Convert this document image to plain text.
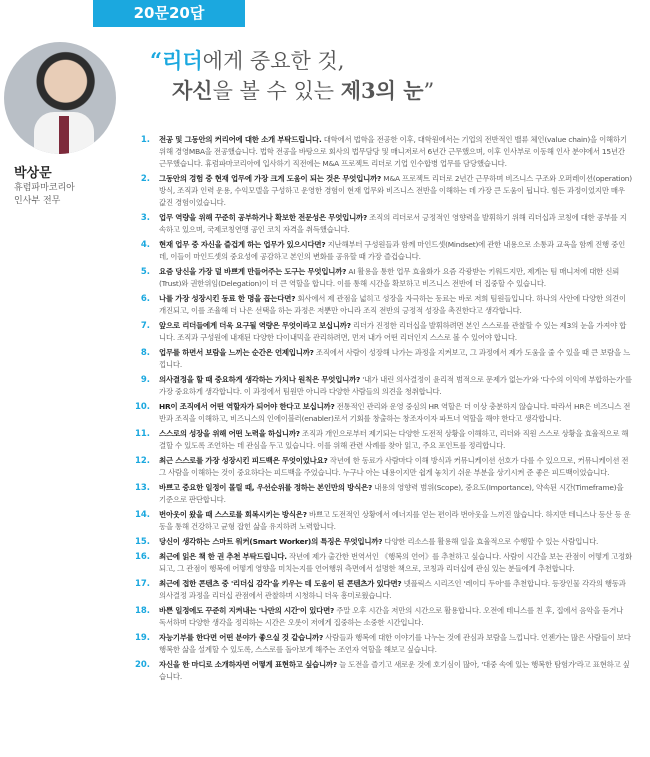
20문20답
박상문
휴럼파마코리아
인사부 전무
“리더에게 중요한 것,
자신을 볼 수 있는 제3의 눈”
1.	전공 및 그동안의 커리어에 대한 소개 부탁드립니다. 대학에서 법학을 전공한 이후, 대학원에서는 기업의 전반적인 밸류 체인(value chain)을 이해하기 위해 경영MBA을 전공했습니다. 법학 전공을 바탕으로 회사의 법무담당 및 매니저로서 6년간 근무했으며, 이후 인사부로 이동해 인사 분야에서 15년간 근무했습니다. 휴럼파마코리아에 입사하기 직전에는 M&A 프로젝트 리더로 기업 인수합병 업무를 담당했습니다.
2.	그동안의 경험 중 현재 업무에 가장 크게 도움이 되는 것은 무엇입니까? M&A 프로젝트 리더로 2년간 근무하며 비즈니스 구조와 오퍼레이션(operation) 방식, 조직과 인력 운용, 수익모델을 구성하고 운영한 경험이 현재 업무와 비즈니스 전반을 이해하는 데 가장 큰 도움이 됩니다. 힘든 과정이었지만 매우 값진 경험이었습니다.
3.	업무 역량을 위해 꾸준히 공부하거나 확보한 전문성은 무엇입니까? 조직의 리더로서 긍정적인 영향력을 발휘하기 위해 리더십과 코칭에 대한 공부를 지속하고 있으며, 국제코칭연맹 공인 코치 자격을 취득했습니다.
4.	현재 업무 중 자신을 즐겁게 하는 업무가 있으시다면? 지난해부터 구성원들과 함께 마인드셋(Mindset)에 관한 내용으로 소통과 교육을 함께 진행 중인데, 이들이 마인드셋의 중요성에 공감하고 본인의 변화를 공유할 때 가장 즐겁습니다.
5.	요즘 당신을 가장 덜 바쁘게 만들어주는 도구는 무엇입니까? AI 활용을 통한 업무 효율화가 요즘 각광받는 키워드지만, 제게는 팀 매니저에 대한 신뢰(Trust)와 권한위임(Delegation)이 더 큰 역할을 합니다. 이를 통해 시간을 확보하고 비즈니스 전반에 더 집중할 수 있습니다.
6.	나를 가장 성장시킨 동료 한 명을 꼽는다면? 회사에서 제 관점을 넓히고 성장을 자극하는 동료는 바로 저희 팀원들입니다. 하나의 사안에 다양한 의견이 개진되고, 이를 조율해 더 나은 선택을 하는 과정은 저뿐만 아니라 조직 전반의 긍정적 성장을 촉진한다고 생각합니다.
7.	앞으로 리더들에게 더욱 요구될 역량은 무엇이라고 보십니까? 리더가 진정한 리더십을 발휘하려면 본인 스스로를 관찰할 수 있는 제3의 눈을 가져야 합니다. 조직과 구성원에 내재된 다양한 다이내믹을 관리하려면, 먼저 내가 어떤 리더인지 스스로 볼 수 있어야 합니다.
8.	업무를 하면서 보람을 느끼는 순간은 언제입니까? 조직에서 사람이 성장해 나가는 과정을 지켜보고, 그 과정에서 제가 도움을 줄 수 있을 때 큰 보람을 느낍니다.
9.	의사결정을 할 때 중요하게 생각하는 가치나 원칙은 무엇입니까? '내가 내린 의사결정이 윤리적 범적으로 문제가 없는가'와 '다수의 이익에 부합하는가'를 가장 중요하게 생각합니다. 이 과정에서 팀원만 아니라 다양한 사람들의 의견을 청취합니다.
10.	HR이 조직에서 어떤 역할자가 되어야 한다고 보십니까? 전통적인 관리와 운영 중심의 HR 역할은 더 이상 충분하지 않습니다. 따라서 HR은 비즈니스 전반과 조직을 이해하고, 비즈니스의 인에이블러(enabler)로서 기회를 창출하는 창조자이자 파트너 역할을 해야 한다고 생각합니다.
11.	스스로의 성장을 위해 어떤 노력을 하십니까? 조직과 개인으로부터 제기되는 다양한 도전적 상황을 이해하고, 리더와 직원 스스로 상황을 효율적으로 해결할 수 있도록 조언하는 데 관심을 두고 있습니다. 이를 위해 관련 사례를 찾아 읽고, 주요 포인트를 정리합니다.
12.	최근 스스로를 가장 성장시킨 피드백은 무엇이었나요? 작년에 한 동료가 사람마다 이해 방식과 커뮤니케이션 선호가 다를 수 있으므로, 커뮤니케이션 전 그 사람을 이해하는 것이 중요하다는 피드백을 주었습니다. 누구나 아는 내용이지만 쉽게 놓치기 쉬운 부분을 상기시켜 준 좋은 피드백이었습니다.
13.	바쁘고 중요한 일정이 몰릴 때, 우선순위를 정하는 본인만의 방식은? 내용의 영향력 범위(Scope), 중요도(Importance), 약속된 시간(Timeframe)을 기준으로 판단합니다.
14.	번아웃이 왔을 때 스스로를 회복시키는 방식은? 바쁘고 도전적인 상황에서 에너지를 얻는 편이라 번아웃을 느끼진 않습니다. 하지만 테니스나 등산 등 운동을 통해 건강하고 균형 잡힌 삶을 유지하려 노력합니다.
15.	당신이 생각하는 스마트 워커(Smart Worker)의 특징은 무엇입니까? 다양한 리소스를 활용해 일을 효율적으로 수행할 수 있는 사람입니다.
16.	최근에 읽은 책 한 권 추천 부탁드립니다. 작년에 제가 출간한 번역서인 《행복의 언어》를 추천하고 싶습니다. 사람이 시간을 보는 관점이 어떻게 고정화되고, 그 관점이 행복에 어떻게 영향을 미치는지를 언어행위 측면에서 설명한 책으로, 코칭과 리더십에 관심 있는 분들에게 추천합니다.
17.	최근에 접한 콘텐츠 중 '리더십 감각'을 키우는 데 도움이 된 콘텐츠가 있다면? 넷플릭스 시리즈인 '레이디 두아'를 추천합니다. 등장인물 각각의 행동과 의사결정 과정을 리더십 관점에서 관찰하며 시청하니 더욱 흥미로웠습니다.
18.	바쁜 일정에도 꾸준히 지켜내는 '나만의 시간'이 있다면? 주말 오후 시간을 저만의 시간으로 활용합니다. 오전에 테니스를 친 후, 집에서 음악을 듣거나 독서하며 다양한 생각을 정리하는 시간은 오롯이 저에게 집중하는 소중한 시간입니다.
19.	자능기부를 한다면 어떤 분야가 좋으실 것 같습니까? 사람들과 행복에 대한 이야기를 나누는 것에 관심과 보람을 느낍니다. 언젠가는 많은 사람들이 보다 행복한 삶을 설계할 수 있도록, 스스로를 돌아보게 해주는 조언자 역할을 해보고 싶습니다.
20.	자신을 한 마디로 소개하자면 어떻게 표현하고 싶습니까? 늘 도전을 즐기고 새로운 것에 호기심이 많아, '대중 속에 있는 행복한 탐험가'라고 표현하고 싶습니다.
